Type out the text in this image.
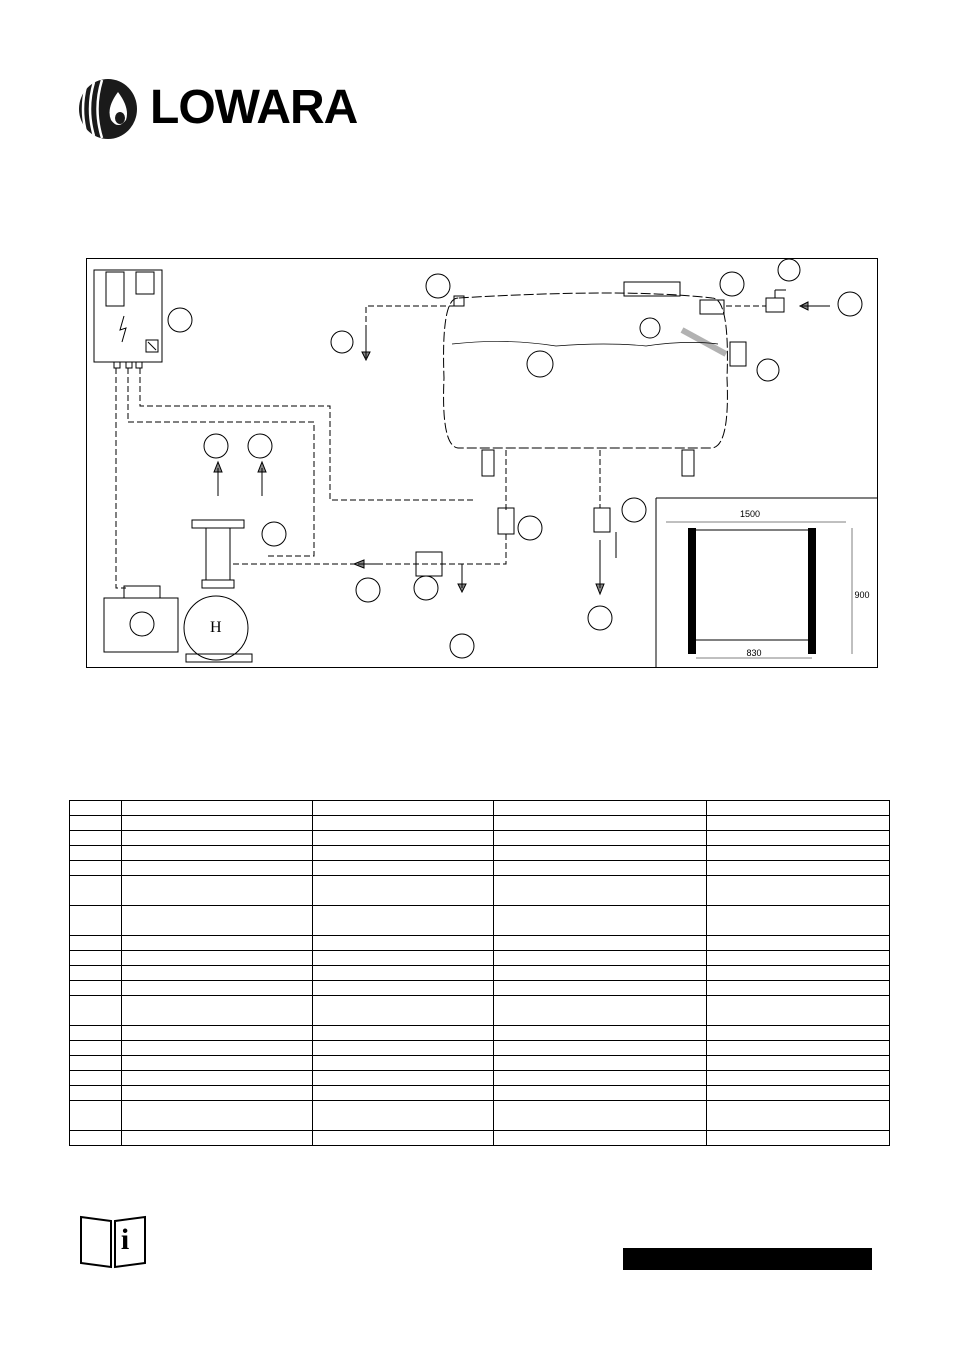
LOWARA
H
1500
900
830

i
